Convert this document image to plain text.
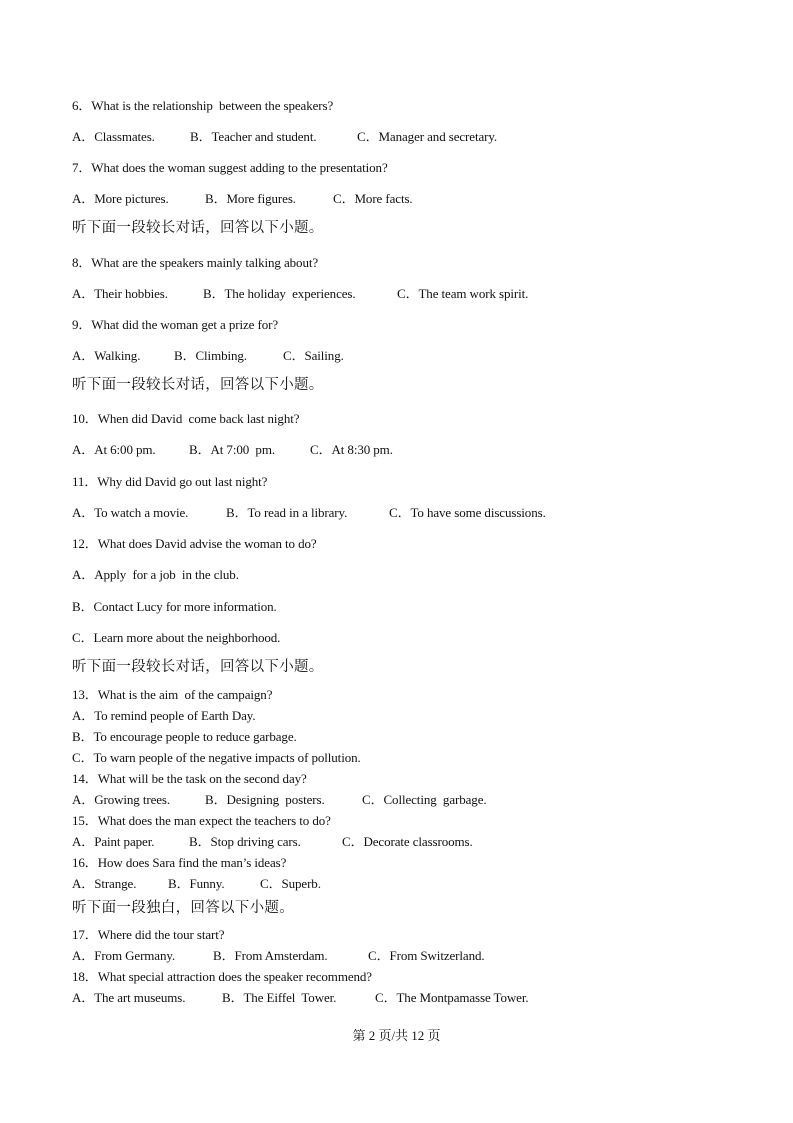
第 2 页/共 12 页
6．What is the relationship  between the speakers?
A．Classmates.	B．Teacher and student.	C．Manager and secretary.
7．What does the woman suggest adding to the presentation?
A．More pictures.	B．More figures.	C．More facts.
听下面一段较长对话，回答以下小题。
8．What are the speakers mainly talking about?
A．Their hobbies.	B．The holiday  experiences.	C．The team work spirit.
9．What did the woman get a prize for?
A．Walking.	B．Climbing.	C．Sailing.
听下面一段较长对话，回答以下小题。
10．When did David  come back last night?
A．At 6:00 pm.	B．At 7:00  pm.	C．At 8:30 pm.
11．Why did David go out last night?
A．To watch a movie.	B．To read in a library.	C．To have some discussions.
12．What does David advise the woman to do?
A．Apply  for a job  in the club.
B．Contact Lucy for more information.
C．Learn more about the neighborhood.
听下面一段较长对话，回答以下小题。
13．What is the aim  of the campaign?
A．To remind people of Earth Day.
B．To encourage people to reduce garbage.
C．To warn people of the negative impacts of pollution.
14．What will be the task on the second day?
A．Growing trees.	B．Designing  posters.	C．Collecting  garbage.
15．What does the man expect the teachers to do?
A．Paint paper.	B．Stop driving cars.	C．Decorate classrooms.
16．How does Sara find the man’s ideas?
A．Strange. B．Funny.	C．Superb.
听下面一段独白，回答以下小题。
17．Where did the tour start?
A．From Germany.	B．From Amsterdam.	C．From Switzerland.
18．What special attraction does the speaker recommend?
A．The art museums.	B．The Eiffel  Tower.	C．The Montpamasse Tower.
